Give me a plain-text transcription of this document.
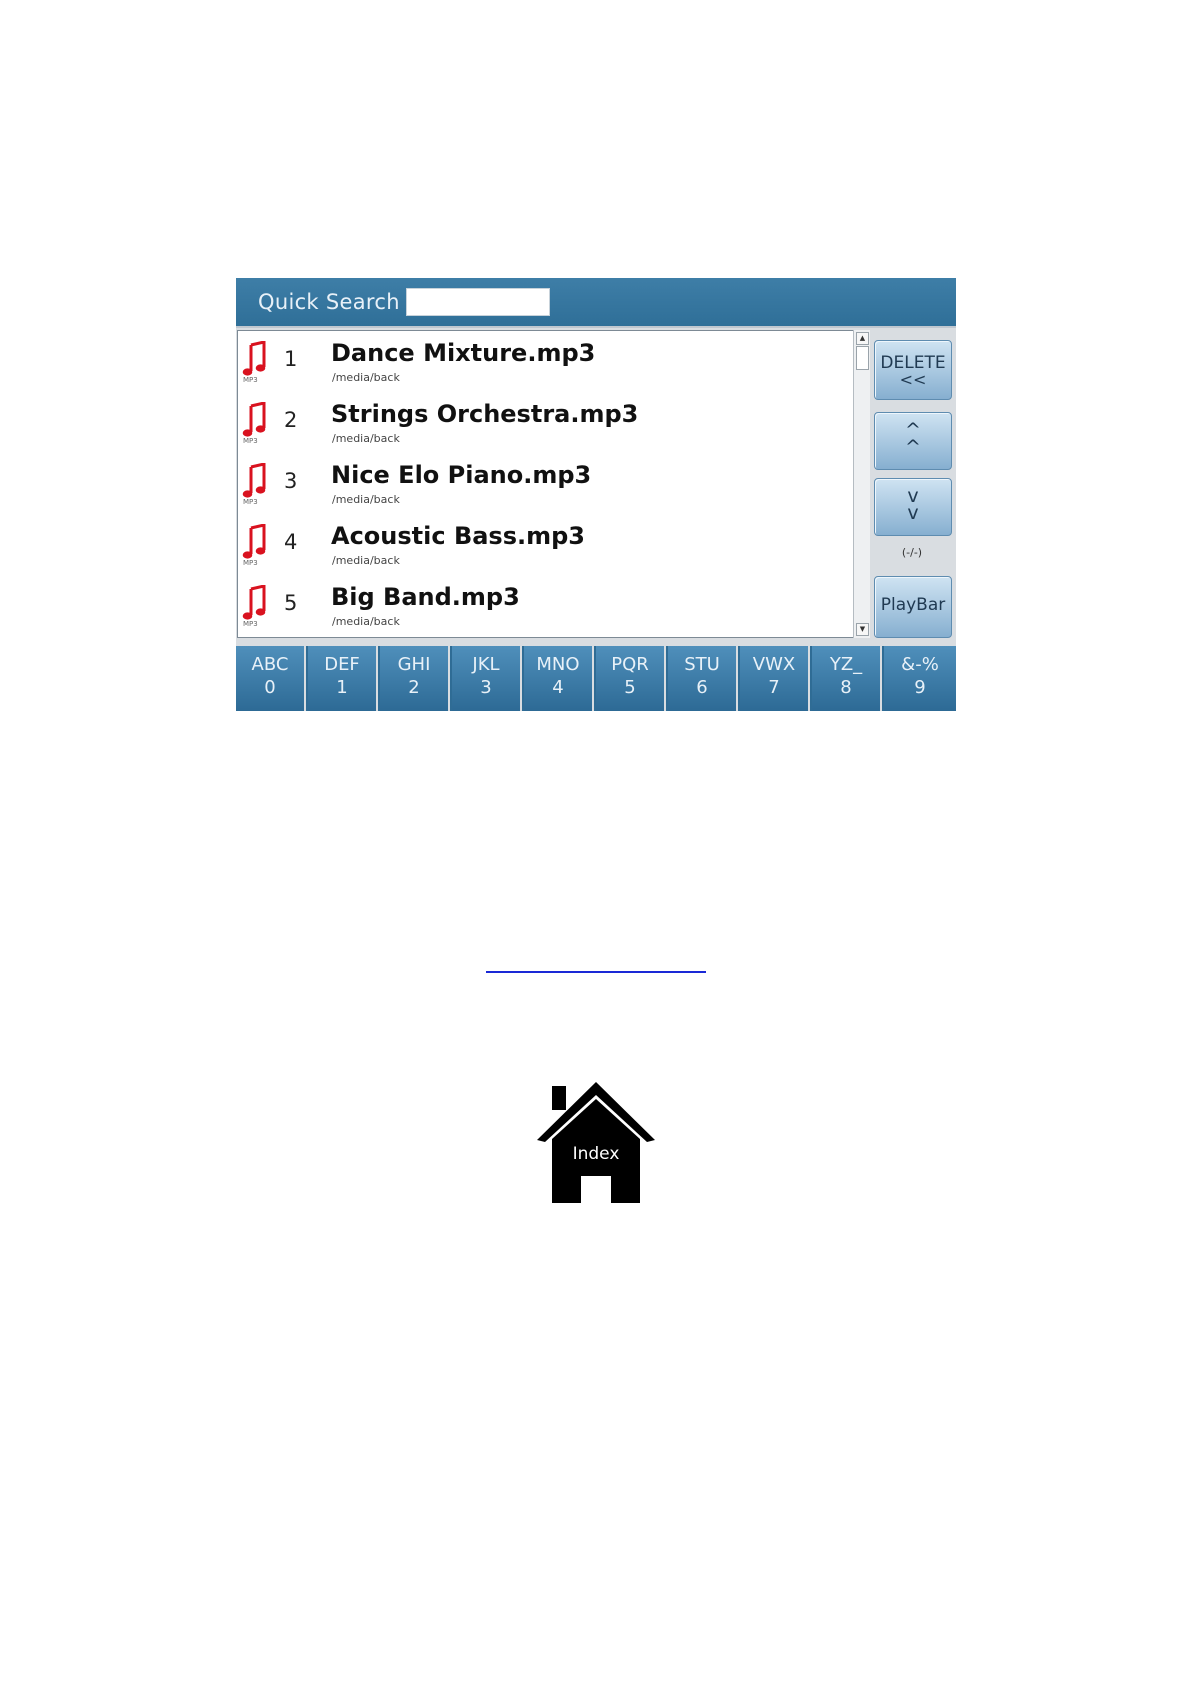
Quick Search
MP3
1 Dance Mixture.mp3
/media/back
MP3
2 Strings Orchestra.mp3
/media/back
MP3
3 Nice Elo Piano.mp3
/media/back
MP3
4 Acoustic Bass.mp3
/media/back
MP3
5 Big Band.mp3
/media/back
▲
▼
DELETE
<<
^
^
v
v
(-/-)
PlayBar
ABC
0
DEF
1
GHI
2
JKL
3
MNO
4
PQR
5
STU
6
VWX
7
YZ_
8
&-%
9
Index
